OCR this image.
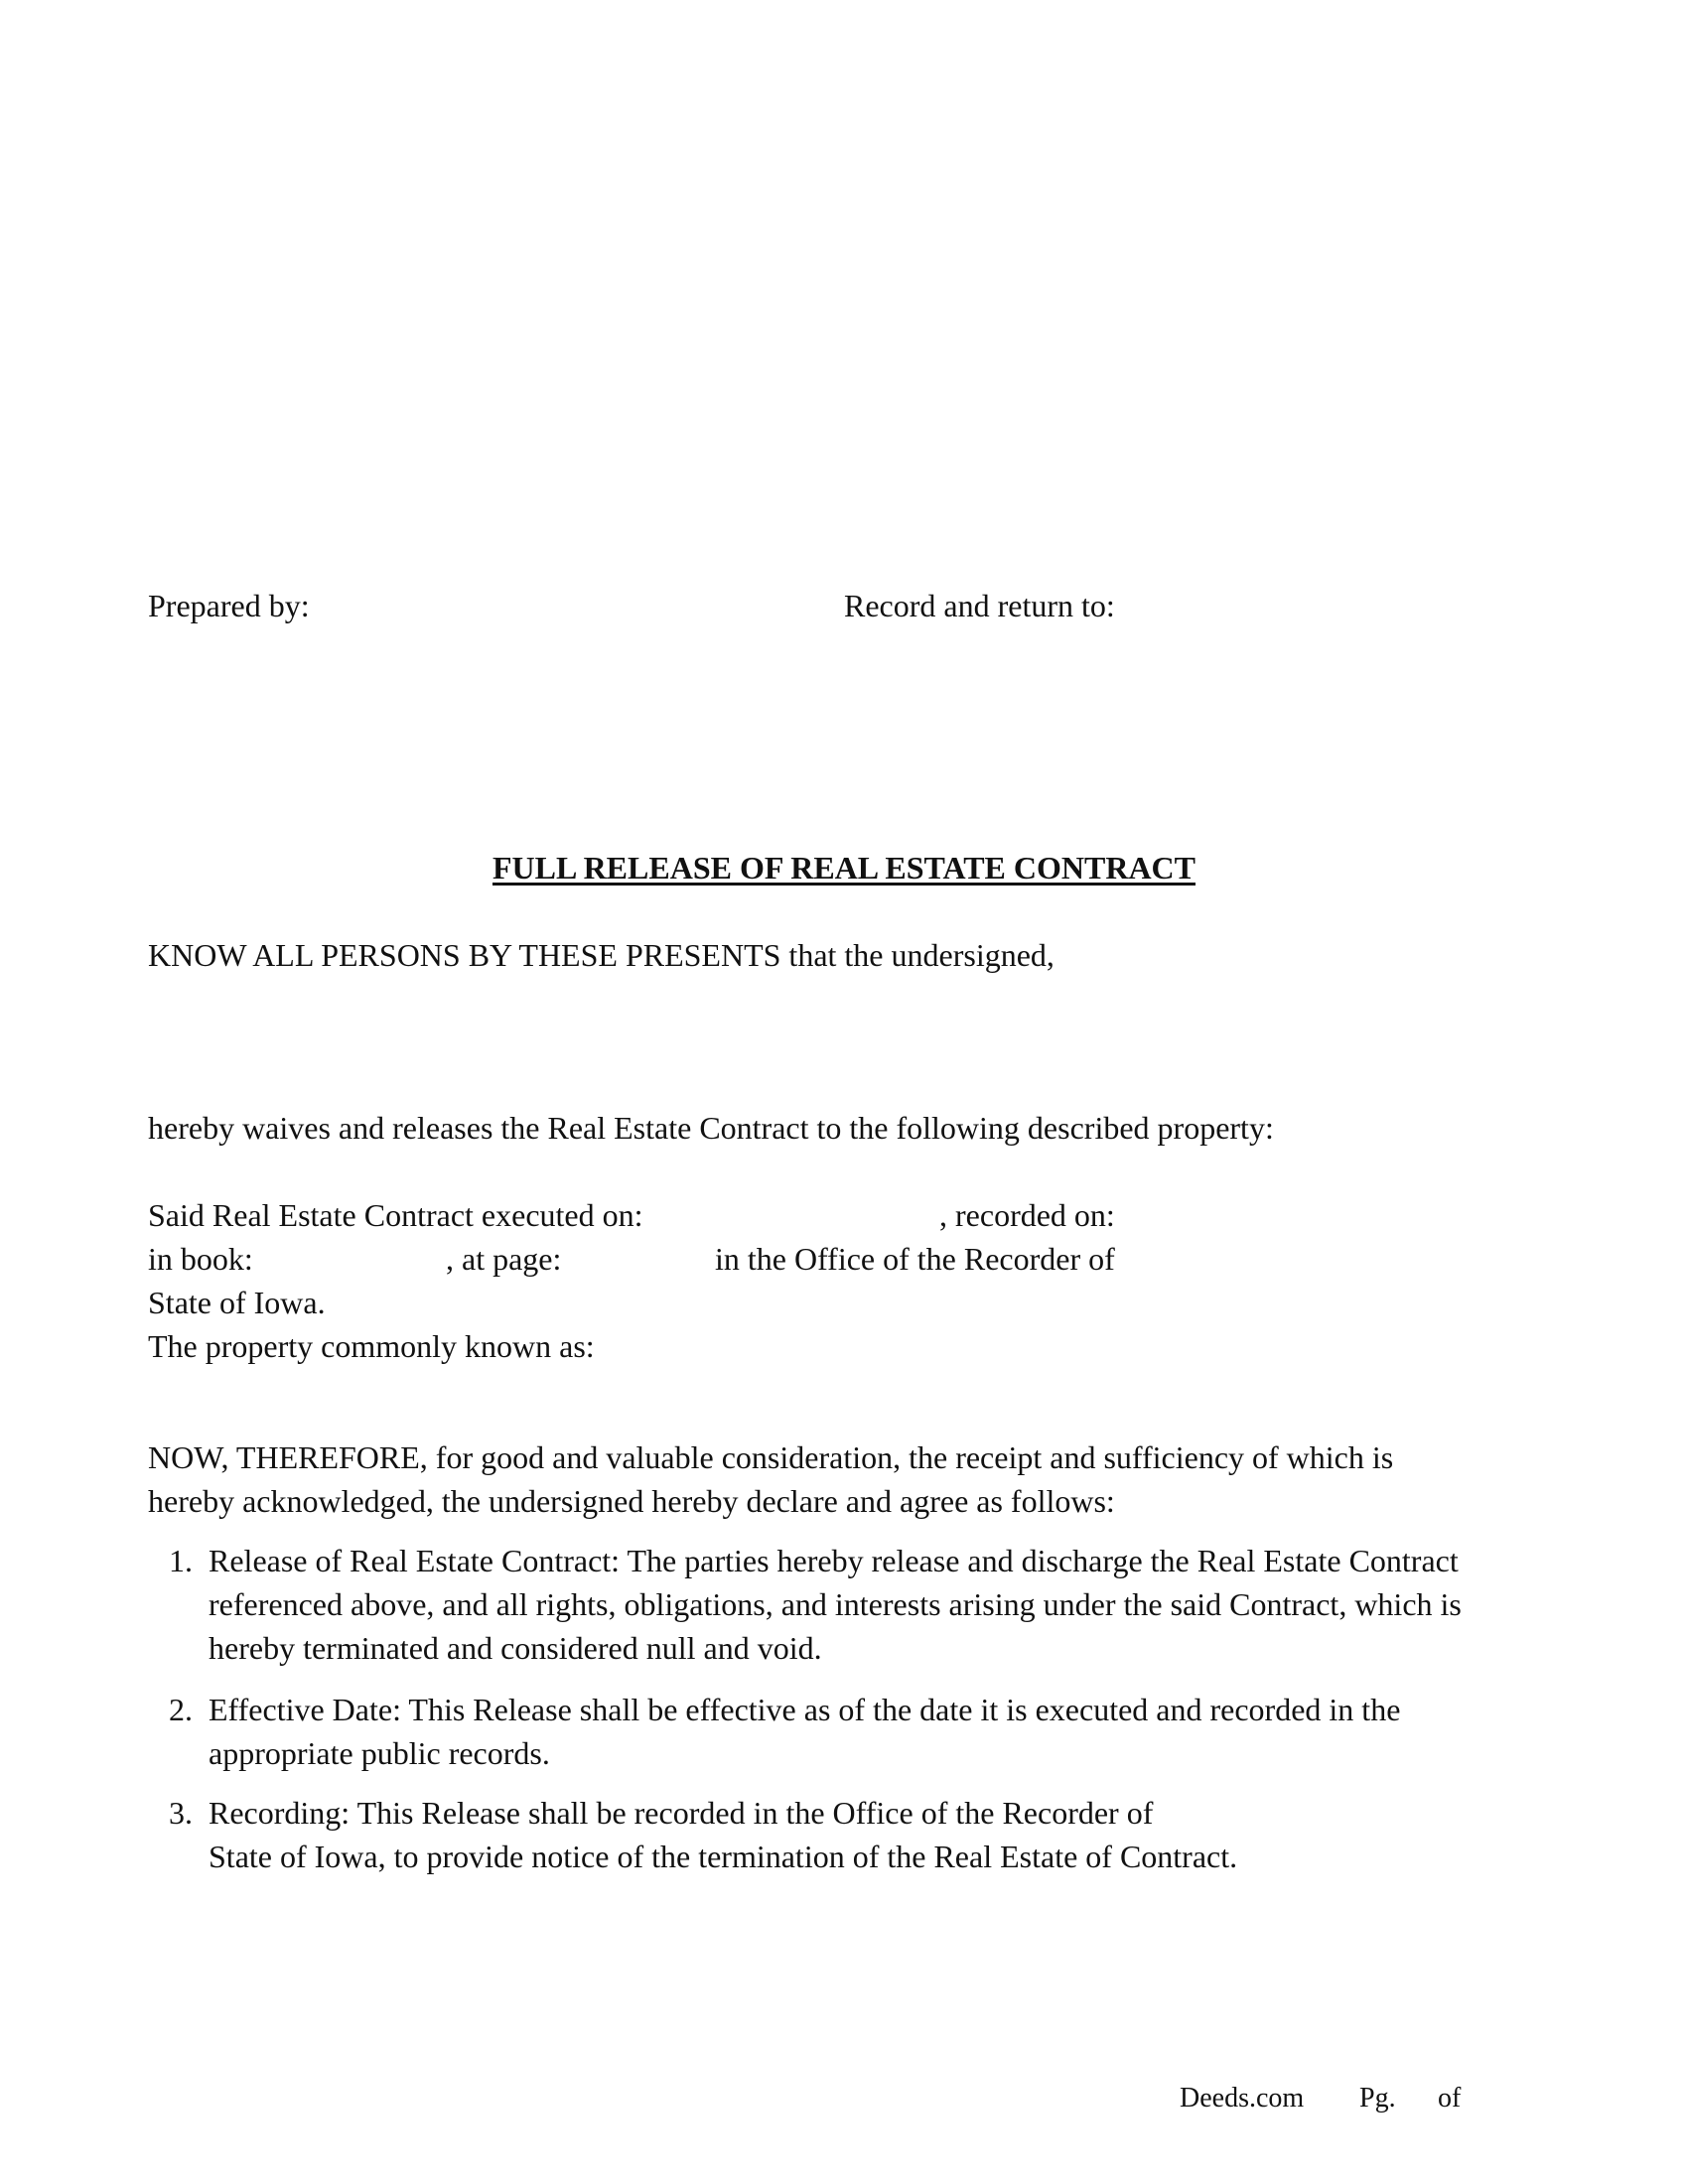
Prepared by:	Record and return to:
FULL RELEASE OF REAL ESTATE CONTRACT
KNOW ALL PERSONS BY THESE PRESENTS that the undersigned,
hereby waives and releases the Real Estate Contract to the following described property:
Said Real Estate Contract executed on:	, recorded on:
in book:	, at page:	in the Office of the Recorder of
State of Iowa.
The property commonly known as:
NOW, THEREFORE, for good and valuable consideration, the receipt and sufficiency of which is
hereby acknowledged, the undersigned hereby declare and agree as follows:
1. Release of Real Estate Contract: The parties hereby release and discharge the Real Estate Contract referenced above, and all rights, obligations, and interests arising under the said Contract, which is hereby terminated and considered null and void.
2. Effective Date: This Release shall be effective as of the date it is executed and recorded in the appropriate public records.
3. Recording: This Release shall be recorded in the Office of the Recorder of
State of Iowa, to provide notice of the termination of the Real Estate of Contract.
Deeds.com Pg. of
